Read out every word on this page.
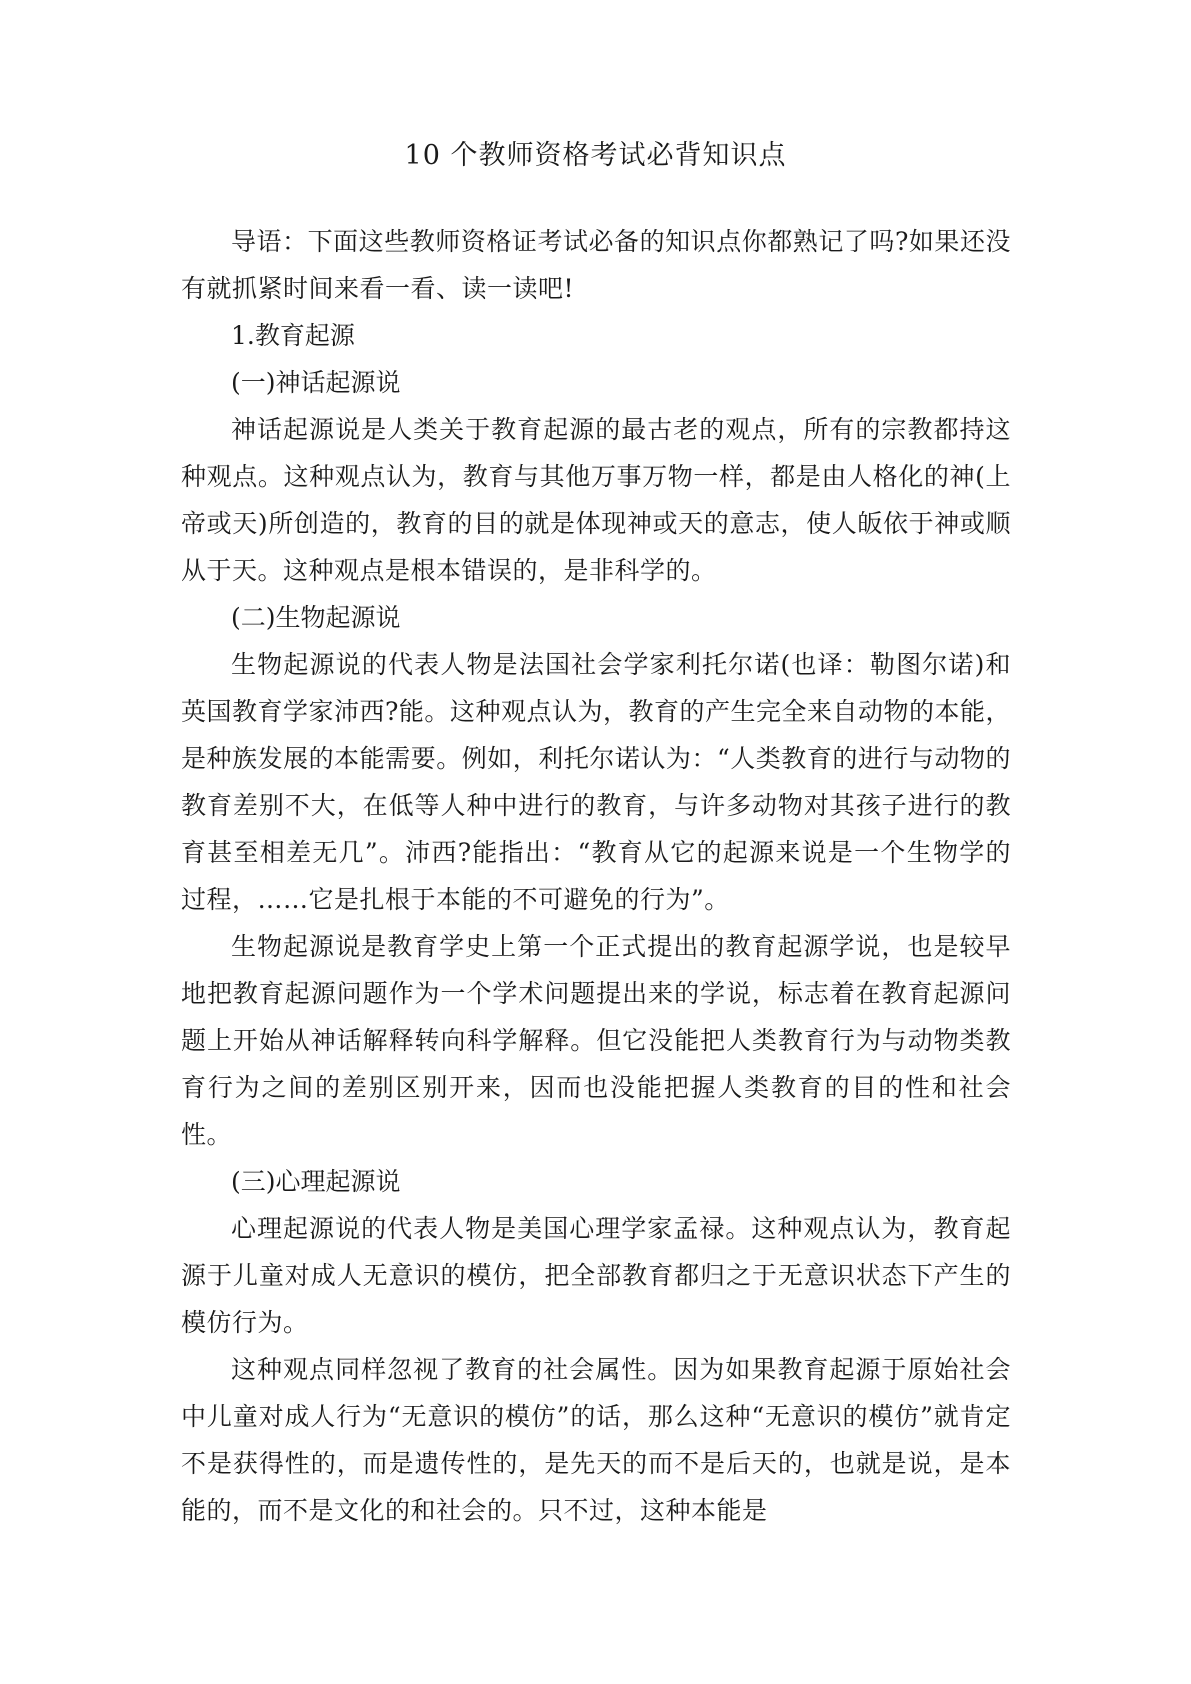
10 个教师资格考试必背知识点

导语：下面这些教师资格证考试必备的知识点你都熟记了吗?如果还没有就抓紧时间来看一看、读一读吧!

1.教育起源

(一)神话起源说

神话起源说是人类关于教育起源的最古老的观点，所有的宗教都持这种观点。这种观点认为，教育与其他万事万物一样，都是由人格化的神(上帝或天)所创造的，教育的目的就是体现神或天的意志，使人皈依于神或顺从于天。这种观点是根本错误的，是非科学的。

(二)生物起源说

生物起源说的代表人物是法国社会学家利托尔诺(也译：勒图尔诺)和英国教育学家沛西?能。这种观点认为，教育的产生完全来自动物的本能，是种族发展的本能需要。例如，利托尔诺认为：“人类教育的进行与动物的教育差别不大，在低等人种中进行的教育，与许多动物对其孩子进行的教育甚至相差无几”。沛西?能指出：“教育从它的起源来说是一个生物学的过程，……它是扎根于本能的不可避免的行为”。

生物起源说是教育学史上第一个正式提出的教育起源学说，也是较早地把教育起源问题作为一个学术问题提出来的学说，标志着在教育起源问题上开始从神话解释转向科学解释。但它没能把人类教育行为与动物类教育行为之间的差别区别开来，因而也没能把握人类教育的目的性和社会性。

(三)心理起源说

心理起源说的代表人物是美国心理学家孟禄。这种观点认为，教育起源于儿童对成人无意识的模仿，把全部教育都归之于无意识状态下产生的模仿行为。

这种观点同样忽视了教育的社会属性。因为如果教育起源于原始社会中儿童对成人行为“无意识的模仿”的话，那么这种“无意识的模仿”就肯定不是获得性的，而是遗传性的，是先天的而不是后天的，也就是说，是本能的，而不是文化的和社会的。只不过，这种本能是
